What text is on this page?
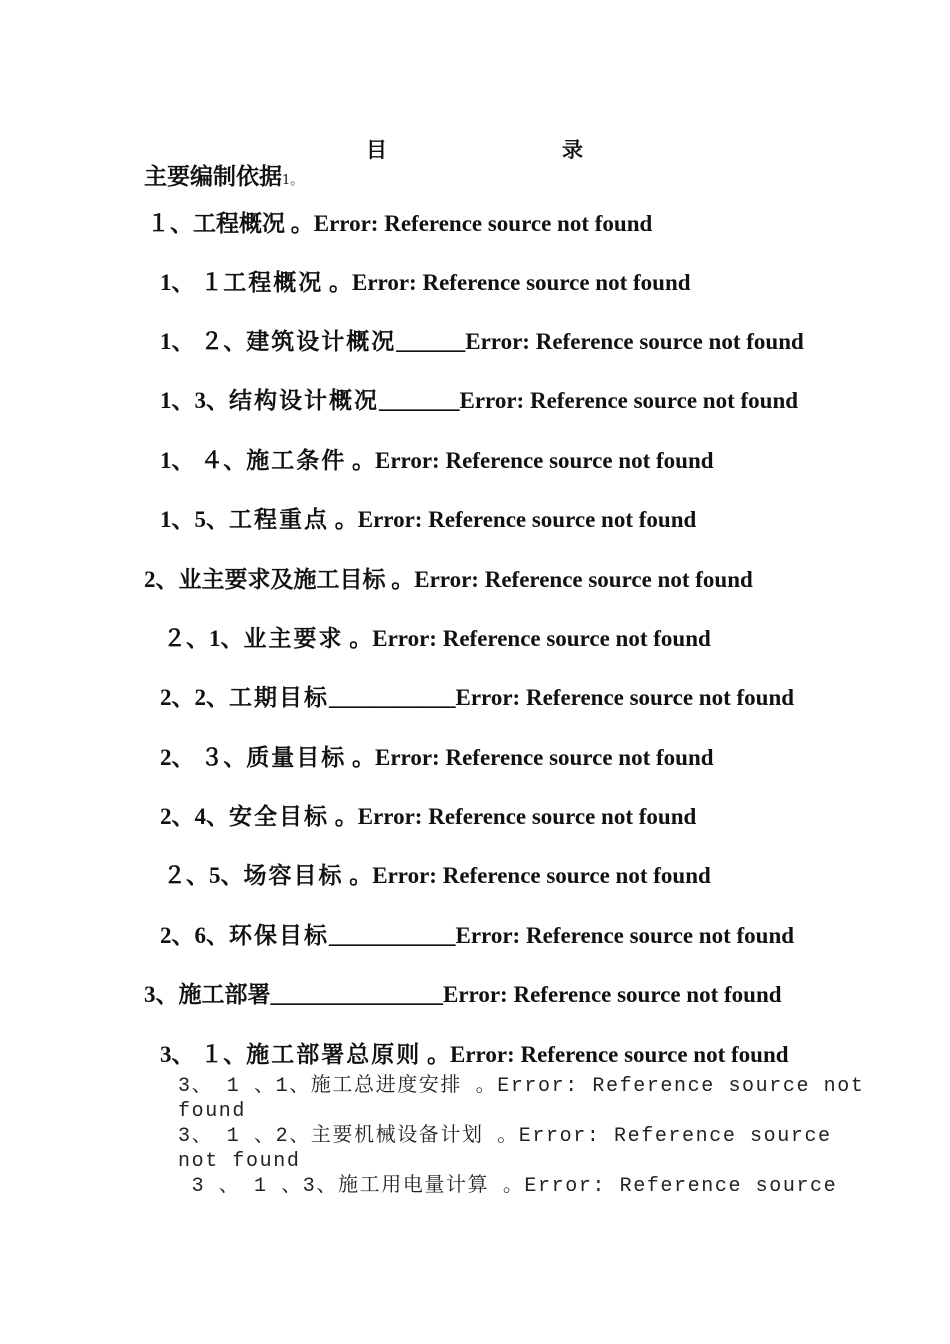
目	录
主要编制依据1。
１、工程概况 。Error: Reference source not found
1、 １工程概况 。Error: Reference source not found
1、 ２、建筑设计概况______Error: Reference source not found
1、3、结构设计概况_______Error: Reference source not found
1、 ４、施工条件 。Error: Reference source not found
1、5、工程重点 。Error: Reference source not found
2、业主要求及施工目标 。Error: Reference source not found
２、1、业主要求 。Error: Reference source not found
2、2、工期目标___________Error: Reference source not found
2、 ３、质量目标 。Error: Reference source not found
2、4、安全目标 。Error: Reference source not found
２、5、场容目标 。Error: Reference source not found
2、6、环保目标___________Error: Reference source not found
3、施工部署_______________Error: Reference source not found
3、 １、施工部署总原则 。Error: Reference source not found
3、 1 、1、施工总进度安排 。Error: Reference source not
found
3、 1 、2、主要机械设备计划 。Error: Reference source
not found
3 、 1 、3、施工用电量计算 。Error: Reference source
